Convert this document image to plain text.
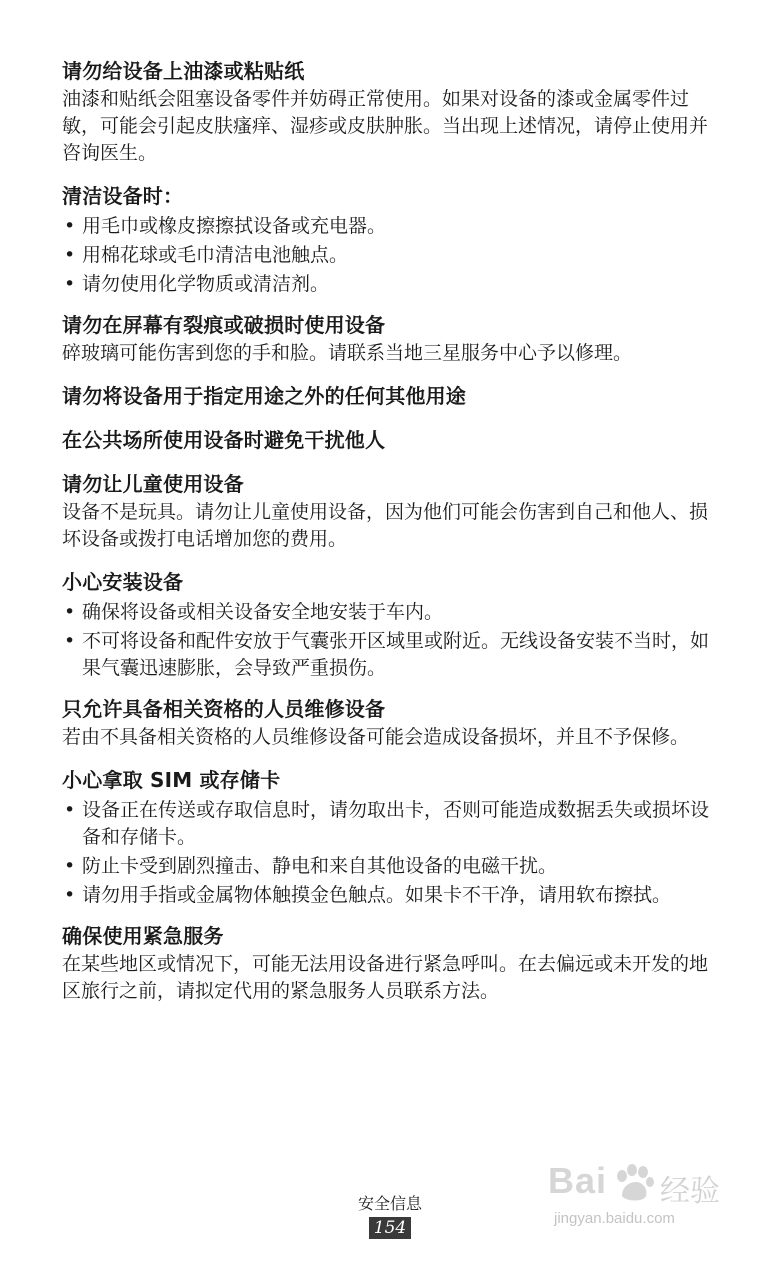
请勿给设备上油漆或粘贴纸

油漆和贴纸会阻塞设备零件并妨碍正常使用。如果对设备的漆或金属零件过敏，可能会引起皮肤瘙痒、湿疹或皮肤肿胀。当出现上述情况，请停止使用并咨询医生。

清洁设备时：
• 用毛巾或橡皮擦擦拭设备或充电器。
• 用棉花球或毛巾清洁电池触点。
• 请勿使用化学物质或清洁剂。
请勿在屏幕有裂痕或破损时使用设备

碎玻璃可能伤害到您的手和脸。请联系当地三星服务中心予以修理。

请勿将设备用于指定用途之外的任何其他用途
在公共场所使用设备时避免干扰他人
请勿让儿童使用设备

设备不是玩具。请勿让儿童使用设备，因为他们可能会伤害到自己和他人、损坏设备或拨打电话增加您的费用。

小心安装设备
• 确保将设备或相关设备安全地安装于车内。
• 不可将设备和配件安放于气囊张开区域里或附近。无线设备安装不当时，如果气囊迅速膨胀，会导致严重损伤。
只允许具备相关资格的人员维修设备

若由不具备相关资格的人员维修设备可能会造成设备损坏，并且不予保修。

小心拿取 SIM 或存储卡
• 设备正在传送或存取信息时，请勿取出卡，否则可能造成数据丢失或损坏设备和存储卡。
• 防止卡受到剧烈撞击、静电和来自其他设备的电磁干扰。
• 请勿用手指或金属物体触摸金色触点。如果卡不干净，请用软布擦拭。
确保使用紧急服务

在某些地区或情况下，可能无法用设备进行紧急呼叫。在去偏远或未开发的地区旅行之前，请拟定代用的紧急服务人员联系方法。

安全信息
154
Bai 经验
jingyan.baidu.com
